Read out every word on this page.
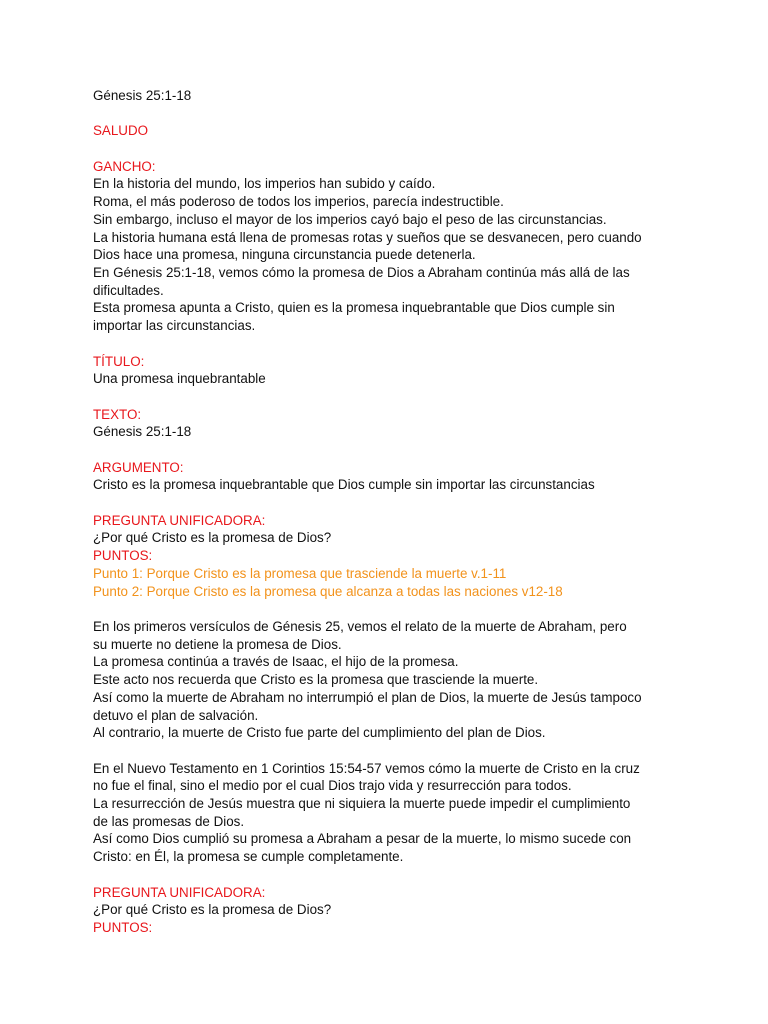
Génesis 25:1-18
SALUDO
GANCHO:
En la historia del mundo, los imperios han subido y caído.
Roma, el más poderoso de todos los imperios, parecía indestructible.
Sin embargo, incluso el mayor de los imperios cayó bajo el peso de las circunstancias.
La historia humana está llena de promesas rotas y sueños que se desvanecen, pero cuando
Dios hace una promesa, ninguna circunstancia puede detenerla.
En Génesis 25:1-18, vemos cómo la promesa de Dios a Abraham continúa más allá de las
dificultades.
Esta promesa apunta a Cristo, quien es la promesa inquebrantable que Dios cumple sin
importar las circunstancias.
TÍTULO:
Una promesa inquebrantable
TEXTO:
Génesis 25:1-18
ARGUMENTO:
Cristo es la promesa inquebrantable que Dios cumple sin importar las circunstancias
PREGUNTA UNIFICADORA:
¿Por qué Cristo es la promesa de Dios?
PUNTOS:
Punto 1: Porque Cristo es la promesa que trasciende la muerte v.1-11
Punto 2: Porque Cristo es la promesa que alcanza a todas las naciones v12-18
En los primeros versículos de Génesis 25, vemos el relato de la muerte de Abraham, pero
su muerte no detiene la promesa de Dios.
La promesa continúa a través de Isaac, el hijo de la promesa.
Este acto nos recuerda que Cristo es la promesa que trasciende la muerte.
Así como la muerte de Abraham no interrumpió el plan de Dios, la muerte de Jesús tampoco
detuvo el plan de salvación.
Al contrario, la muerte de Cristo fue parte del cumplimiento del plan de Dios.
En el Nuevo Testamento en 1 Corintios 15:54-57 vemos cómo la muerte de Cristo en la cruz
no fue el final, sino el medio por el cual Dios trajo vida y resurrección para todos.
La resurrección de Jesús muestra que ni siquiera la muerte puede impedir el cumplimiento
de las promesas de Dios.
Así como Dios cumplió su promesa a Abraham a pesar de la muerte, lo mismo sucede con
Cristo: en Él, la promesa se cumple completamente.
PREGUNTA UNIFICADORA:
¿Por qué Cristo es la promesa de Dios?
PUNTOS:
